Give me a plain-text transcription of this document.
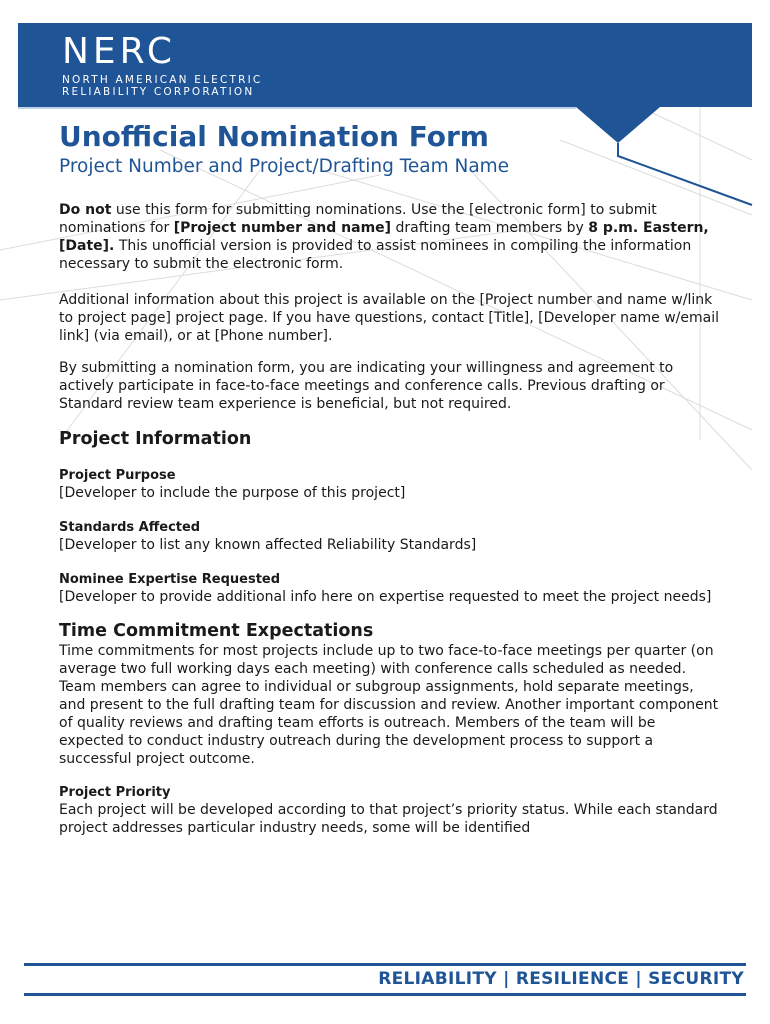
NERC
NORTH AMERICAN ELECTRIC
RELIABILITY CORPORATION
Unofficial Nomination Form
Project Number and Project/Drafting Team Name

Do not use this form for submitting nominations. Use the [electronic form] to submit nominations for [Project number and name] drafting team members by 8 p.m. Eastern, [Date]. This unofficial version is provided to assist nominees in compiling the information necessary to submit the electronic form.

Additional information about this project is available on the [Project number and name w/link to project page] project page. If you have questions, contact [Title], [Developer name w/email link] (via email), or at [Phone number].

By submitting a nomination form, you are indicating your willingness and agreement to actively participate in face-to-face meetings and conference calls. Previous drafting or Standard review team experience is beneficial, but not required.

Project Information
Project Purpose

[Developer to include the purpose of this project]

Standards Affected

[Developer to list any known affected Reliability Standards]

Nominee Expertise Requested

[Developer to provide additional info here on expertise requested to meet the project needs]

Time Commitment Expectations

Time commitments for most projects include up to two face-to-face meetings per quarter (on average two full working days each meeting) with conference calls scheduled as needed. Team members can agree to individual or subgroup assignments, hold separate meetings, and present to the full drafting team for discussion and review. Another important component of quality reviews and drafting team efforts is outreach. Members of the team will be expected to conduct industry outreach during the development process to support a successful project outcome.

Project Priority

Each project will be developed according to that project’s priority status. While each standard project addresses particular industry needs, some will be identified

RELIABILITY | RESILIENCE | SECURITY
